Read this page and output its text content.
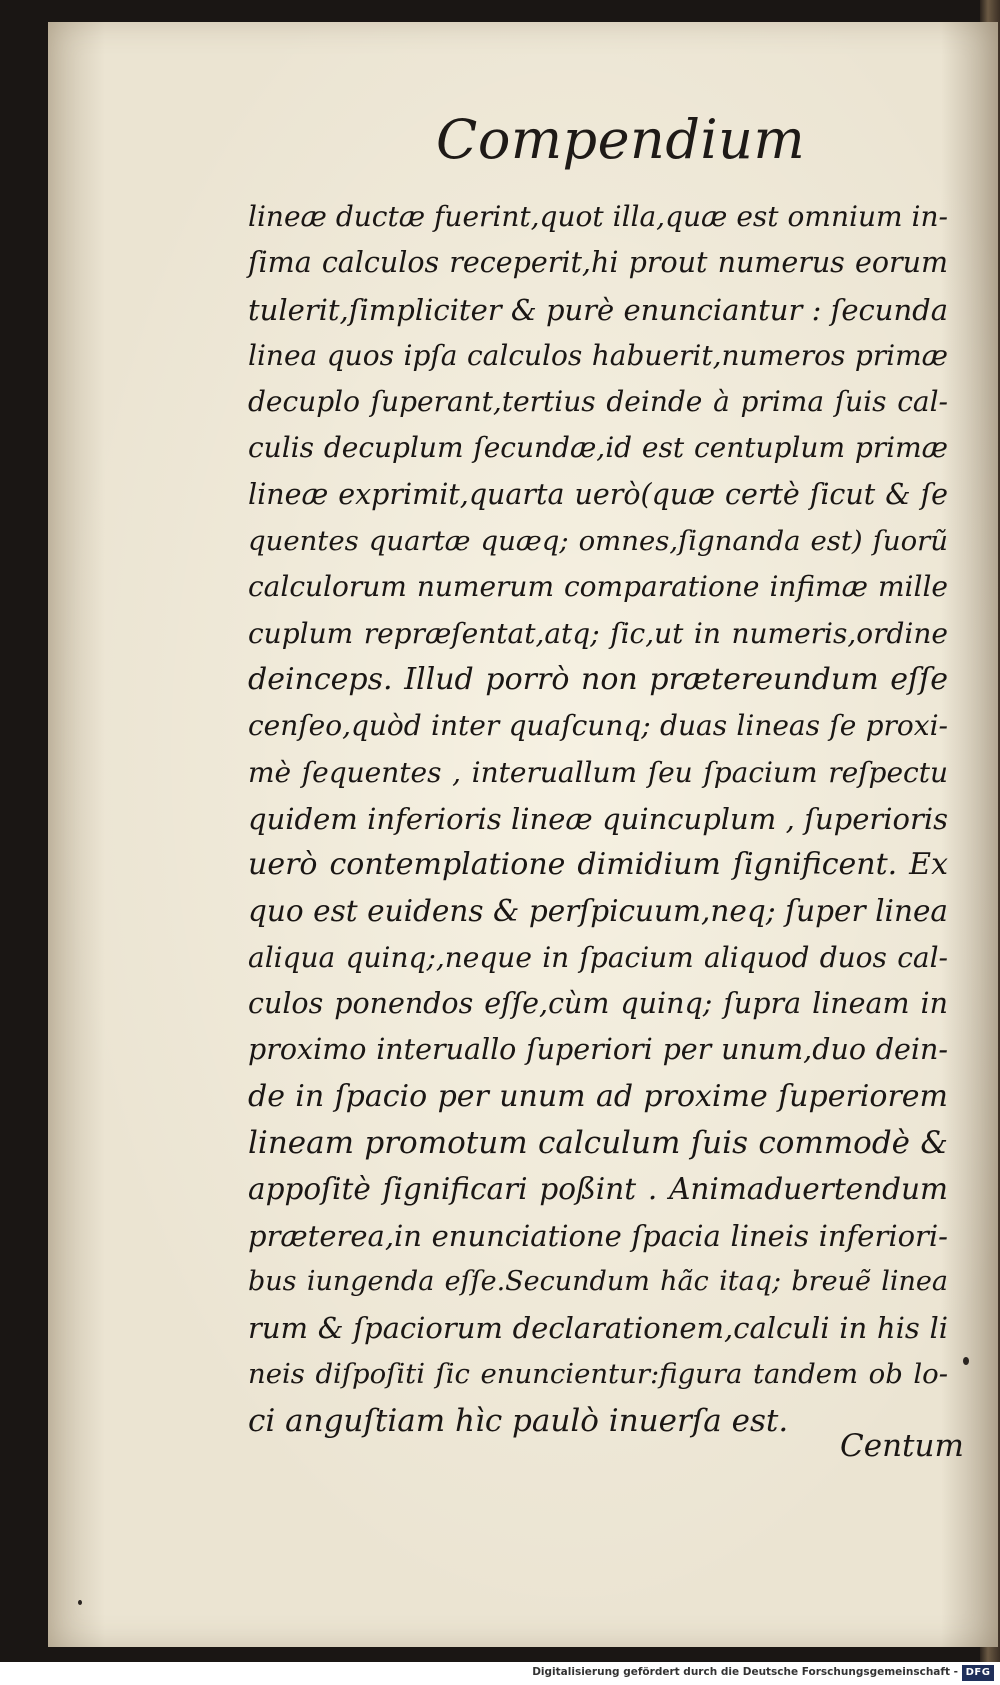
Compendium
lineæ ductæ fuerint,quot illa,quæ est omnium in-
ſima calculos receperit,hi prout numerus eorum
tulerit,ſimpliciter & purè enunciantur : ſecunda
linea quos ipſa calculos habuerit,numeros primæ
decuplo ſuperant,tertius deinde à prima ſuis cal-
culis decuplum ſecundæ,id est centuplum primæ
lineæ exprimit,quarta uerò(quæ certè ſicut & ſe
quentes quartæ quæq; omnes,ſignanda est) ſuorũ
calculorum numerum comparatione infimæ mille
cuplum repræſentat,atq; ſic,ut in numeris,ordine
deinceps. Illud porrò non prætereundum eſſe
cenſeo,quòd inter quaſcunq; duas lineas ſe proxi-
mè ſequentes , interuallum ſeu ſpacium reſpectu
quidem inferioris lineæ quincuplum , ſuperioris
uerò contemplatione dimidium ſignificent. Ex
quo est euidens & perſpicuum,neq; ſuper linea
aliqua quinq;,neque in ſpacium aliquod duos cal-
culos ponendos eſſe,cùm quinq; ſupra lineam in
proximo interuallo ſuperiori per unum,duo dein-
de in ſpacio per unum ad proxime ſuperiorem
lineam promotum calculum ſuis commodè &
appoſitè ſignificari poßint . Animaduertendum
præterea,in enunciatione ſpacia lineis inferiori-
bus iungenda eſſe.Secundum hãc itaq; breuẽ linea
rum & ſpaciorum declarationem,calculi in his li
neis diſpoſiti ſic enuncientur:figura tandem ob lo-
ci anguſtiam hìc paulò inuerſa est.
Centum
Digitalisierung gefördert durch die Deutsche Forschungsgemeinschaft - DFG
